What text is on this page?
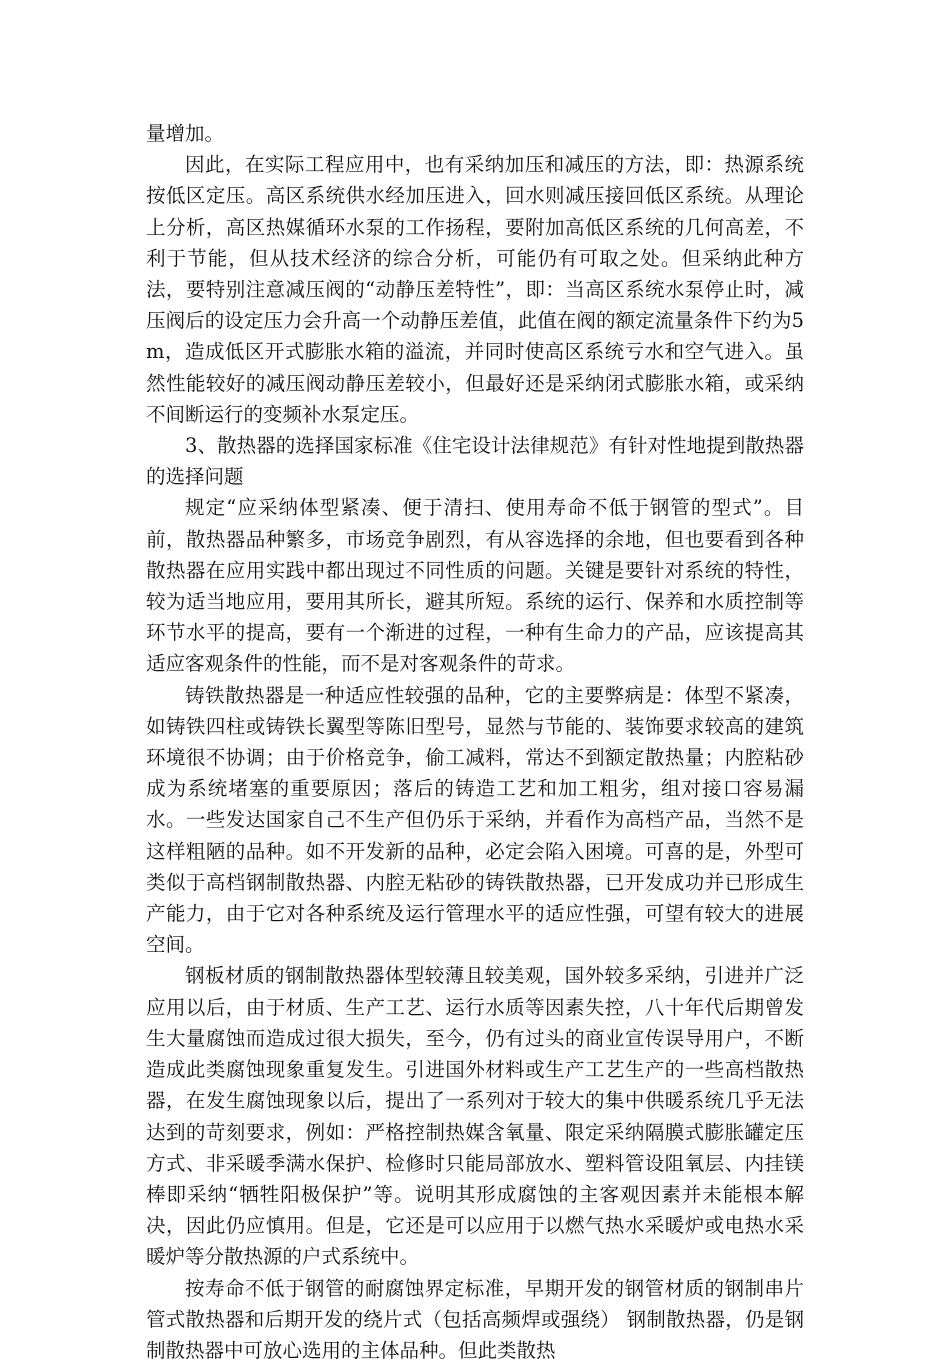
量增加。

因此，在实际工程应用中，也有采纳加压和减压的方法，即：热源系统按低区定压。高区系统供水经加压进入，回水则减压接回低区系统。从理论上分析，高区热媒循环水泵的工作扬程，要附加高低区系统的几何高差，不利于节能，但从技术经济的综合分析，可能仍有可取之处。但采纳此种方法，要特别注意减压阀的“动静压差特性”，即：当高区系统水泵停止时，减压阀后的设定压力会升高一个动静压差值，此值在阀的额定流量条件下约为5m，造成低区开式膨胀水箱的溢流，并同时使高区系统亏水和空气进入。虽然性能较好的减压阀动静压差较小，但最好还是采纳闭式膨胀水箱，或采纳不间断运行的变频补水泵定压。

3、散热器的选择国家标准《住宅设计法律规范》有针对性地提到散热器的选择问题

规定“应采纳体型紧凑、便于清扫、使用寿命不低于钢管的型式”。目前，散热器品种繁多，市场竞争剧烈，有从容选择的余地，但也要看到各种散热器在应用实践中都出现过不同性质的问题。关键是要针对系统的特性，较为适当地应用，要用其所长，避其所短。系统的运行、保养和水质控制等环节水平的提高，要有一个渐进的过程，一种有生命力的产品，应该提高其适应客观条件的性能，而不是对客观条件的苛求。

铸铁散热器是一种适应性较强的品种，它的主要弊病是：体型不紧凑，如铸铁四柱或铸铁长翼型等陈旧型号，显然与节能的、装饰要求较高的建筑环境很不协调；由于价格竞争，偷工减料，常达不到额定散热量；内腔粘砂成为系统堵塞的重要原因；落后的铸造工艺和加工粗劣，组对接口容易漏水。一些发达国家自己不生产但仍乐于采纳，并看作为高档产品，当然不是这样粗陋的品种。如不开发新的品种，必定会陷入困境。可喜的是，外型可类似于高档钢制散热器、内腔无粘砂的铸铁散热器，已开发成功并已形成生产能力，由于它对各种系统及运行管理水平的适应性强，可望有较大的进展空间。

钢板材质的钢制散热器体型较薄且较美观，国外较多采纳，引进并广泛应用以后，由于材质、生产工艺、运行水质等因素失控，八十年代后期曾发生大量腐蚀而造成过很大损失，至今，仍有过头的商业宣传误导用户，不断造成此类腐蚀现象重复发生。引进国外材料或生产工艺生产的一些高档散热器，在发生腐蚀现象以后，提出了一系列对于较大的集中供暖系统几乎无法达到的苛刻要求，例如：严格控制热媒含氧量、限定采纳隔膜式膨胀罐定压方式、非采暖季满水保护、检修时只能局部放水、塑料管设阻氧层、内挂镁棒即采纳“牺牲阳极保护”等。说明其形成腐蚀的主客观因素并未能根本解决，因此仍应慎用。但是，它还是可以应用于以燃气热水采暖炉或电热水采暖炉等分散热源的户式系统中。

按寿命不低于钢管的耐腐蚀界定标准，早期开发的钢管材质的钢制串片管式散热器和后期开发的绕片式（包括高频焊或强绕） 钢制散热器，仍是钢制散热器中可放心选用的主体品种。但此类散热
